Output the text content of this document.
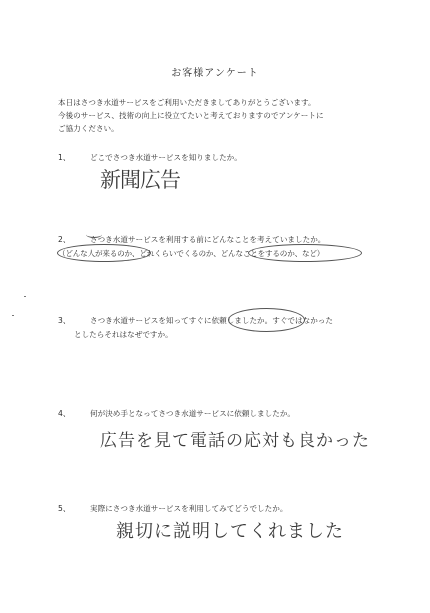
お客様アンケート
本日はさつき水道サービスをご利用いただきましてありがとうございます。
今後のサービス、技術の向上に役立てたいと考えておりますのでアンケートに
ご協力ください。
1、	どこでさつき水道サービスを知りましたか。
新聞広告
2、	さつき水道サービスを利用する前にどんなことを考えていましたか。
（どんな人が来るのか、どれくらいでくるのか、どんなことをするのか、など）
3、	さつき水道サービスを知ってすぐに依頼しましたか。すぐではなかった
としたらそれはなぜですか。
4、	何が決め手となってさつき水道サービスに依頼しましたか。
広告を見て電話の応対も良かった
5、	実際にさつき水道サービスを利用してみてどうでしたか。
親切に説明してくれました
